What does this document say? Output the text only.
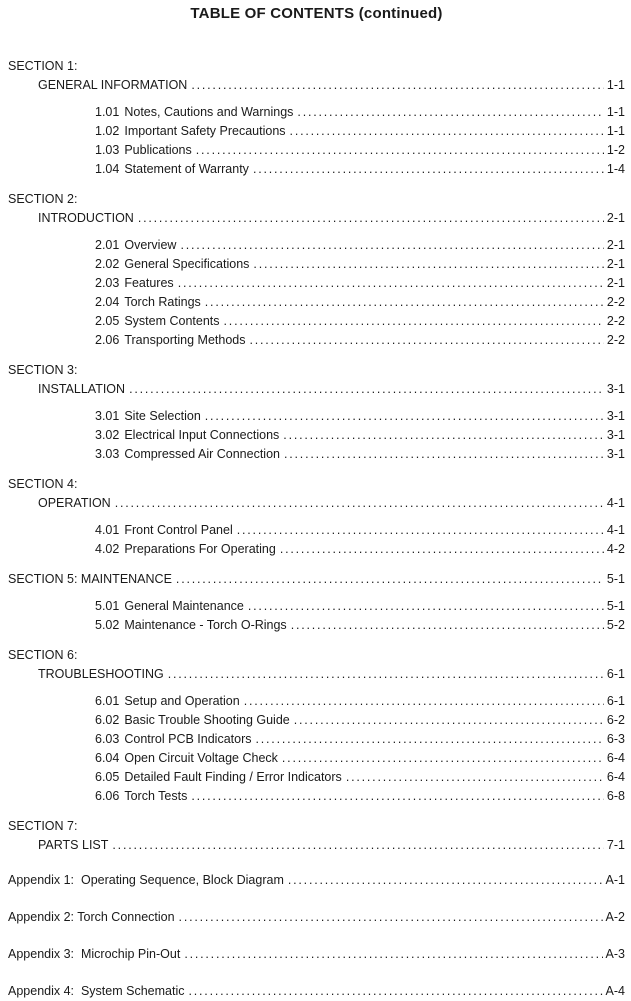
TABLE OF CONTENTS (continued)
SECTION 1:
GENERAL INFORMATION .....	1-1
1.01 Notes, Cautions and Warnings .....	1-1
1.02 Important Safety Precautions .....	1-1
1.03 Publications .....	1-2
1.04 Statement of Warranty .....	1-4
SECTION 2:
INTRODUCTION .....	2-1
2.01 Overview .....	2-1
2.02 General Specifications .....	2-1
2.03 Features .....	2-1
2.04 Torch Ratings .....	2-2
2.05 System Contents .....	2-2
2.06 Transporting Methods .....	2-2
SECTION 3:
INSTALLATION .....	3-1
3.01 Site Selection .....	3-1
3.02 Electrical Input Connections .....	3-1
3.03 Compressed Air Connection .....	3-1
SECTION 4:
OPERATION .....	4-1
4.01 Front Control Panel .....	4-1
4.02 Preparations For Operating .....	4-2
SECTION 5: MAINTENANCE .....	5-1
5.01 General Maintenance .....	5-1
5.02 Maintenance - Torch O-Rings .....	5-2
SECTION 6:
TROUBLESHOOTING .....	6-1
6.01 Setup and Operation .....	6-1
6.02 Basic Trouble Shooting Guide .....	6-2
6.03 Control PCB Indicators .....	6-3
6.04 Open Circuit Voltage Check .....	6-4
6.05 Detailed Fault Finding / Error Indicators .....	6-4
6.06 Torch Tests .....	6-8
SECTION 7:
PARTS LIST .....	7-1
Appendix 1:  Operating Sequence, Block Diagram .....	A-1
Appendix 2: Torch Connection .....	A-2
Appendix 3:  Microchip Pin-Out .....	A-3
Appendix 4:  System Schematic .....	A-4
